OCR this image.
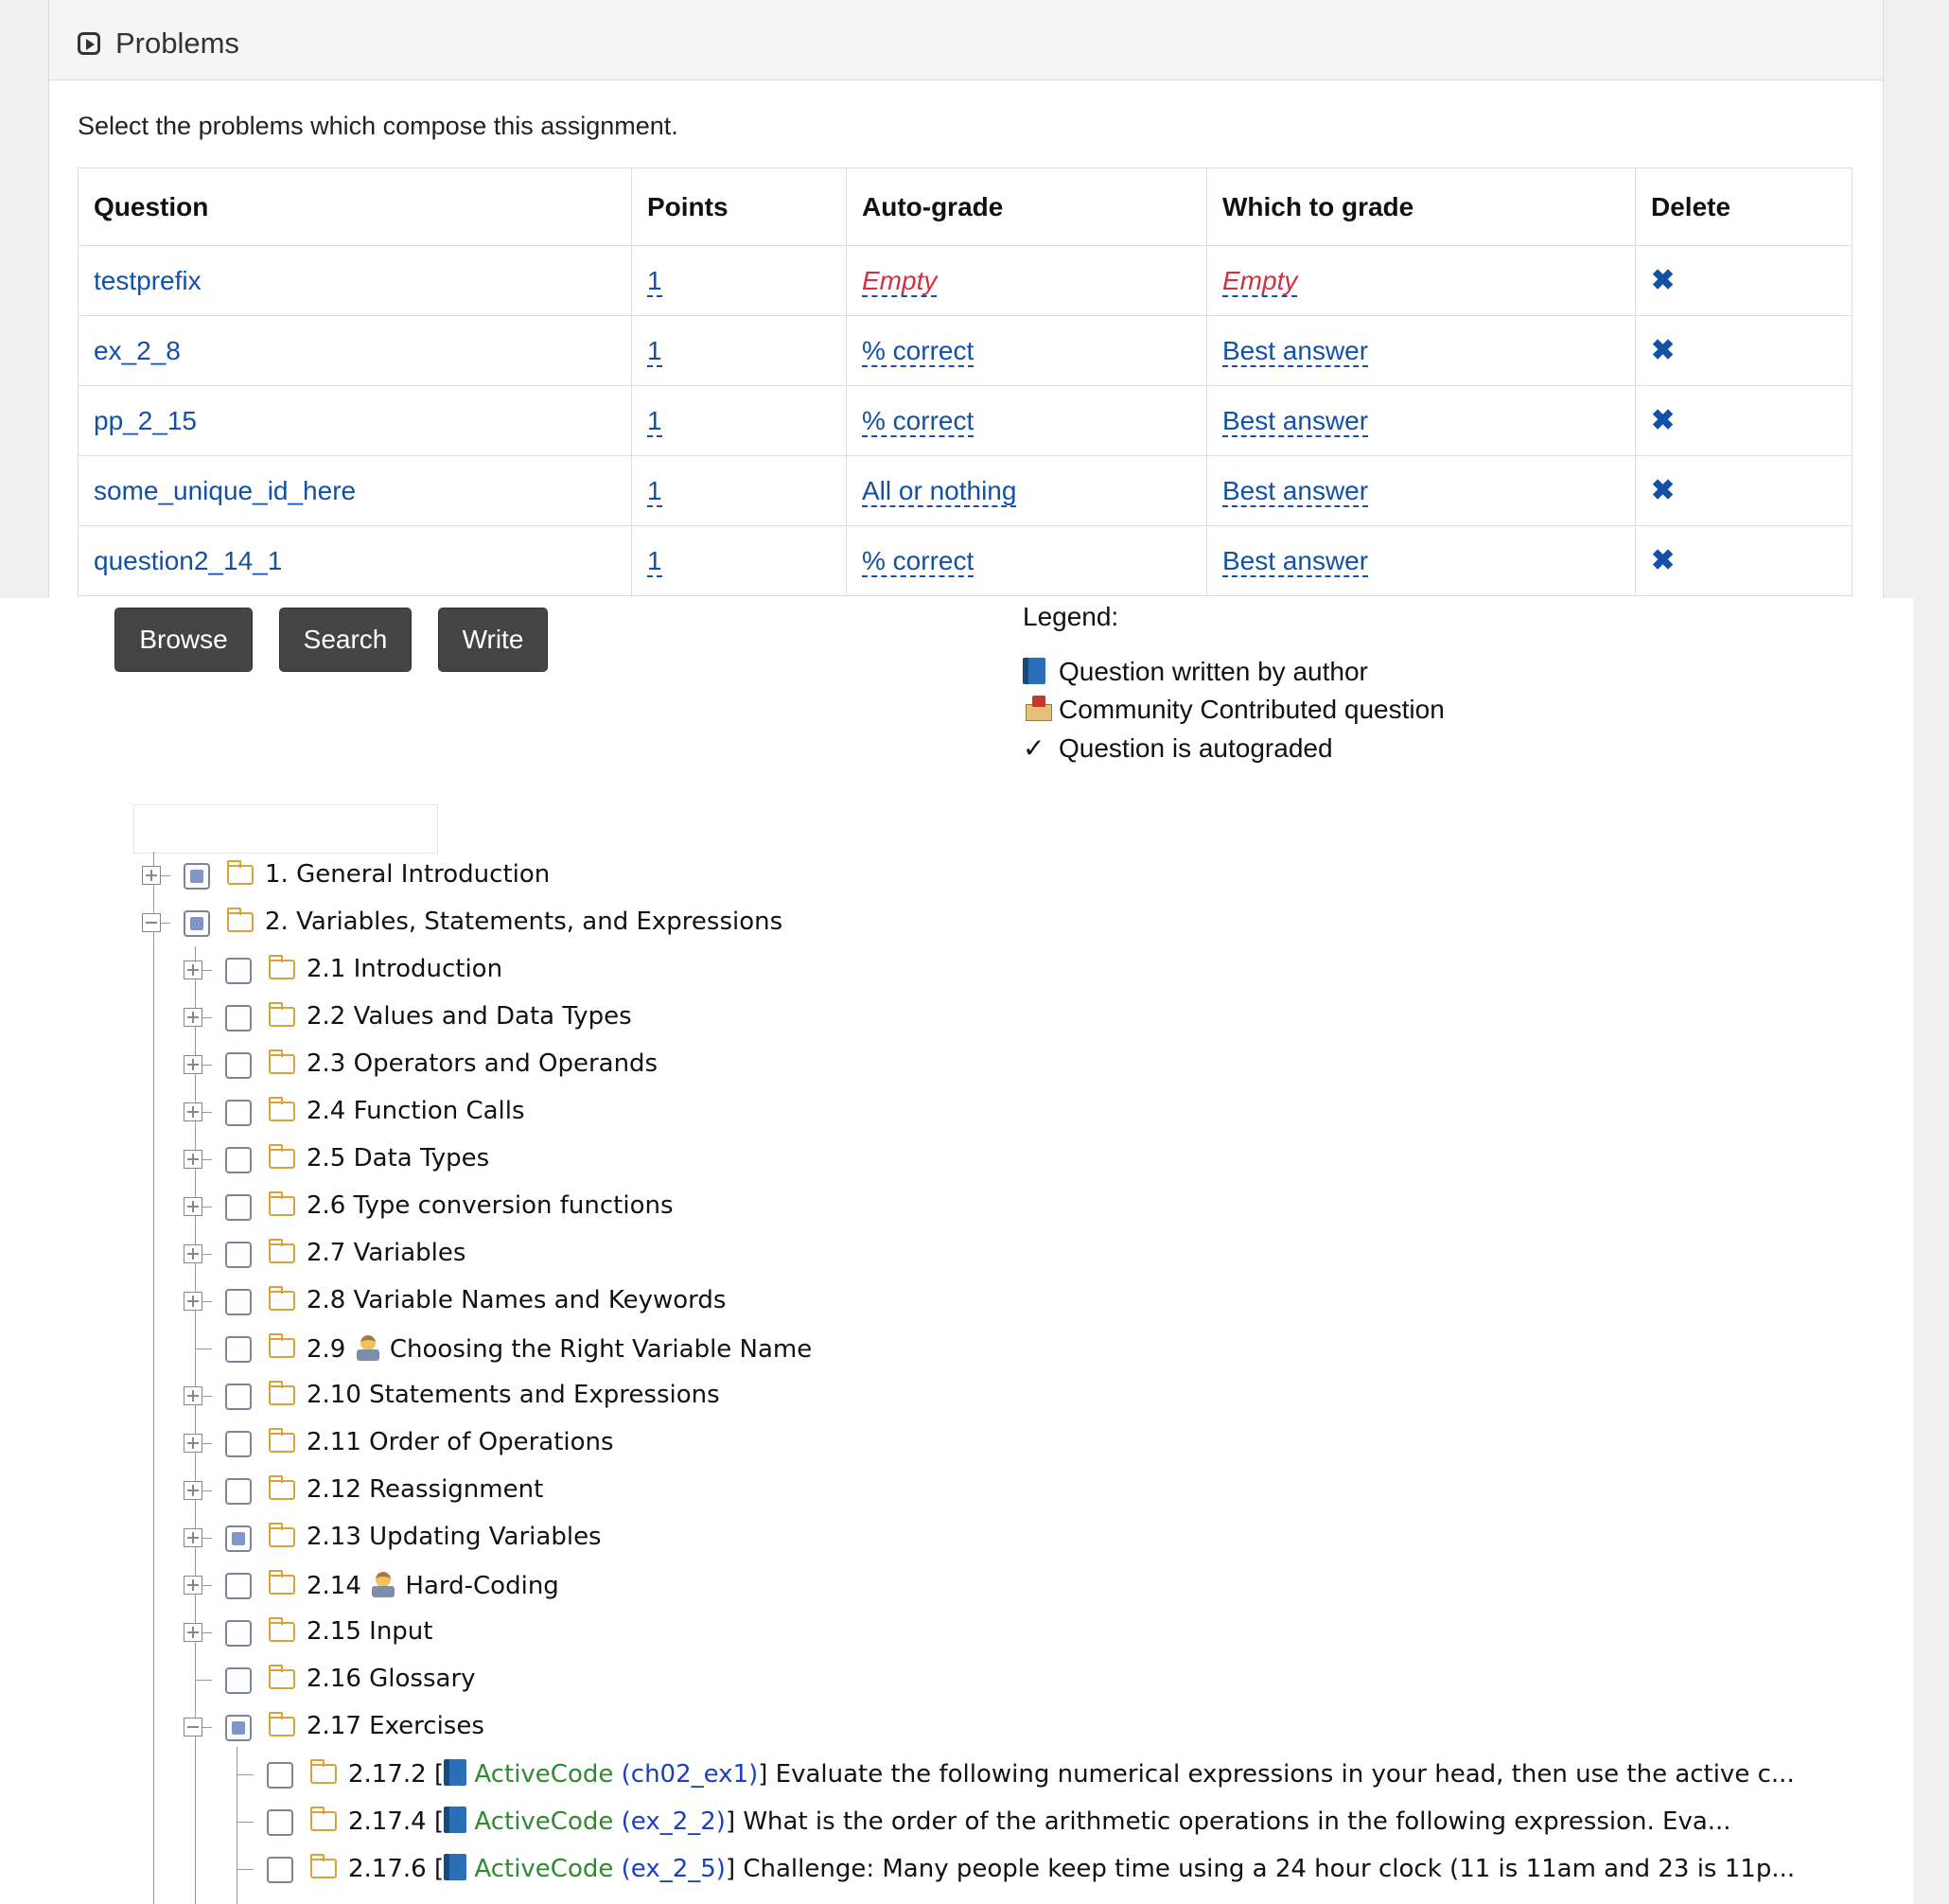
Problems
Select the problems which compose this assignment.
Question	Points	Auto-grade	Which to grade	Delete
testprefix	1	Empty	Empty	✖
ex_2_8	1	% correct	Best answer	✖
pp_2_15	1	% correct	Best answer	✖
some_unique_id_here	1	All or nothing	Best answer	✖
question2_14_1	1	% correct	Best answer	✖
Browse	Search	Write
Legend:
Question written by author
Community Contributed question
✓ Question is autograded
1. General Introduction
2. Variables, Statements, and Expressions
2.1 Introduction
2.2 Values and Data Types
2.3 Operators and Operands
2.4 Function Calls
2.5 Data Types
2.6 Type conversion functions
2.7 Variables
2.8 Variable Names and Keywords
2.9 Choosing the Right Variable Name
2.10 Statements and Expressions
2.11 Order of Operations
2.12 Reassignment
2.13 Updating Variables
2.14 Hard-Coding
2.15 Input
2.16 Glossary
2.17 Exercises
2.17.2 [ ActiveCode (ch02_ex1)] Evaluate the following numerical expressions in your head, then use the active c...
2.17.4 [ ActiveCode (ex_2_2)] What is the order of the arithmetic operations in the following expression. Eva...
2.17.6 [ ActiveCode (ex_2_5)] Challenge: Many people keep time using a 24 hour clock (11 is 11am and 23 is 11p...
